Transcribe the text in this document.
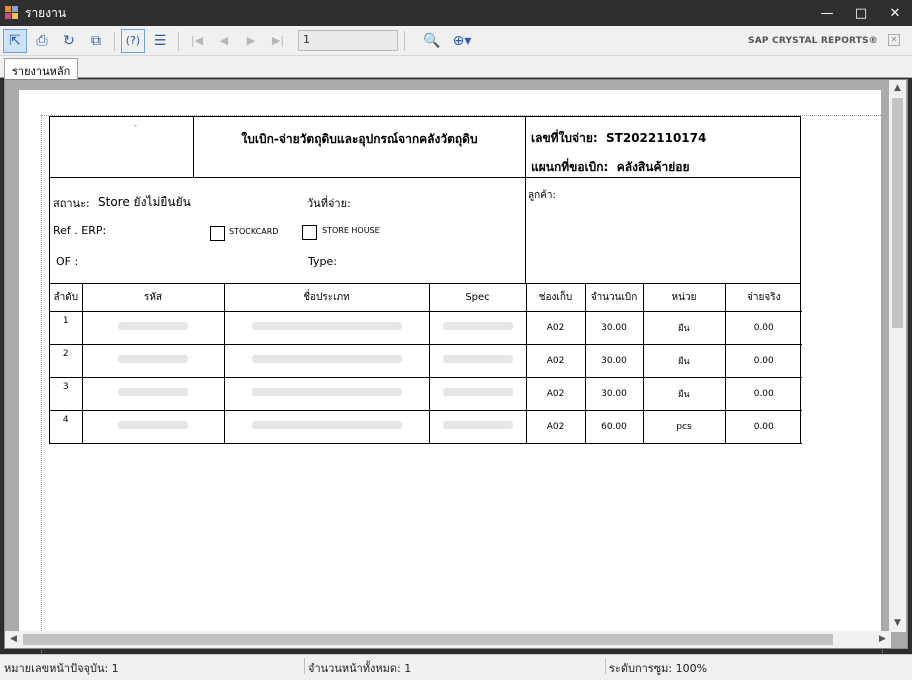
รายงาน	—	□	✕
⇱	⎙	↻	⧉	(?) ☰	|◀	◀	▶	▶|	1	🔍 ⊕▾	SAP CRYSTAL REPORTS®	✕
รายงานหลัก
-
ใบเบิก-จ่ายวัตถุดิบและอุปกรณ์จากคลังวัตถุดิบ	เลขที่ใบจ่าย: ST2022110174
แผนกที่ขอเบิก: คลังสินค้าย่อย
สถานะ: Store ยังไม่ยืนยัน	วันที่จ่าย:
Ref . ERP:	STOCKCARD	STORE HOUSE
OF :	Type:
ลูกค้า:
ลำดับ	รหัส	ชื่อประเภท	Spec	ช่องเก็บ	จำนวนเบิก	หน่วย	จ่ายจริง
1				A02	30.00	ผืน	0.00
2				A02	30.00	ผืน	0.00
3				A02	30.00	ผืน	0.00
4				A02	60.00	pcs	0.00
▲
▼
◀	▶
หมายเลขหน้าปัจจุบัน: 1	จำนวนหน้าทั้งหมด: 1	ระดับการซูม: 100%
